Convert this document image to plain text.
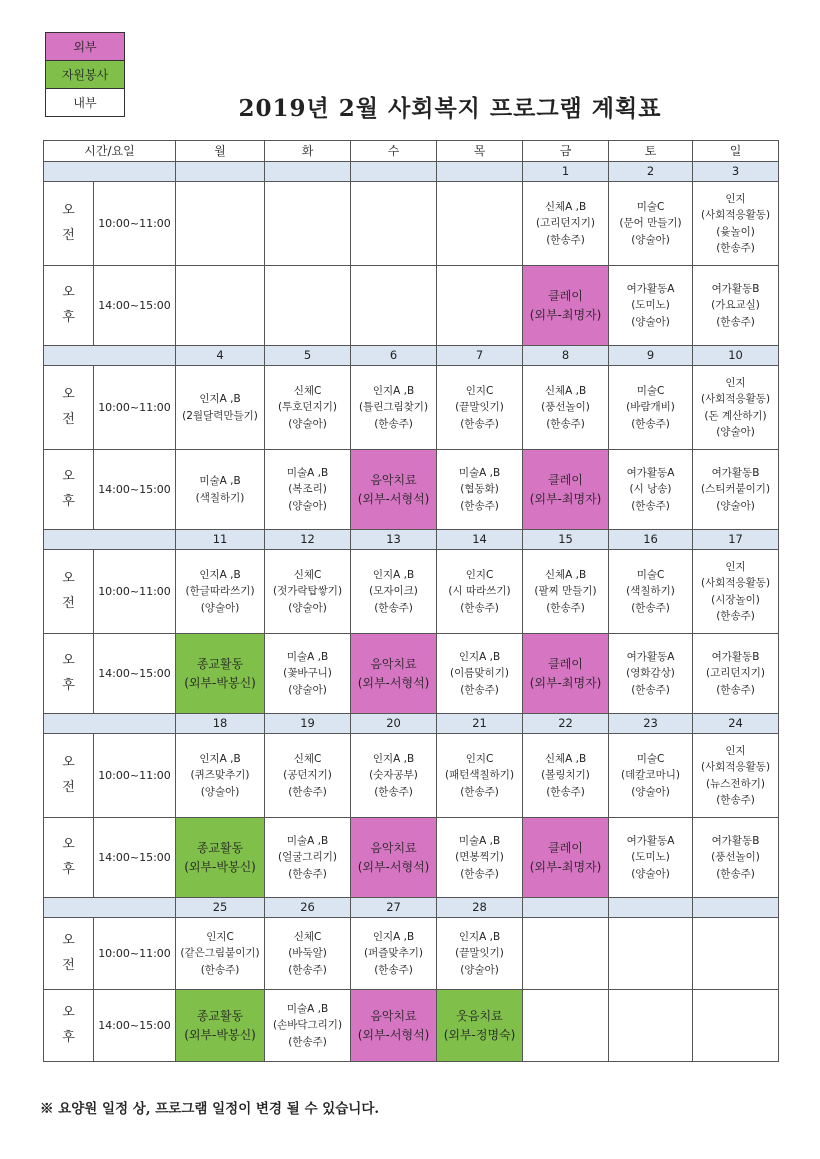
외부
자원봉사
내부	2019년 2월 사회복지 프로그램 계획표
시간/요일		월	화	수	목	금	토	일
						1	2	3

오
전	10:00~11:00					신체A ,B
(고리던지기)
(한송주)	미술C
(문어 만들기)
(양술아)	인지
(사회적응활동)
(윷놀이)
(한송주)

오
후	14:00~15:00					클레이
(외부-최명자)	여가활동A
(도미노)
(양술아)	여가활동B
(가요교실)
(한송주)

		4	5	6	7	8	9	10

오
전	10:00~11:00	인지A ,B
(2월달력만들기)	신체C
(투호던지기)
(양술아)	인지A ,B
(틀린그림찾기)
(한송주)	인지C
(끝말잇기)
(한송주)	신체A ,B
(풍선놀이)
(한송주)	미술C
(바람개비)
(한송주)	인지
(사회적응활동)
(돈 계산하기)
(양술아)

오
후	14:00~15:00	미술A ,B
(색칠하기)	미술A ,B
(복조리)
(양술아)	음악치료
(외부-서형석)	미술A ,B
(협동화)
(한송주)	클레이
(외부-최명자)	여가활동A
(시 낭송)
(한송주)	여가활동B
(스티커붙이기)
(양술아)

		11	12	13	14	15	16	17

오
전	10:00~11:00	인지A ,B
(한글따라쓰기)
(양술아)	신체C
(젓가락탑쌓기)
(양술아)	인지A ,B
(모자이크)
(한송주)	인지C
(시 따라쓰기)
(한송주)	신체A ,B
(팔찌 만들기)
(한송주)	미술C
(색칠하기)
(한송주)	인지
(사회적응활동)
(시장놀이)
(한송주)

오
후	14:00~15:00	종교활동
(외부-박봉신)	미술A ,B
(꽃바구니)
(양술아)	음악치료
(외부-서형석)	인지A ,B
(이름맞히기)
(한송주)	클레이
(외부-최명자)	여가활동A
(영화감상)
(한송주)	여가활동B
(고리던지기)
(한송주)

		18	19	20	21	22	23	24

오
전	10:00~11:00	인지A ,B
(퀴즈맞추기)
(양술아)	신체C
(공던지기)
(한송주)	인지A ,B
(숫자공부)
(한송주)	인지C
(패턴색칠하기)
(한송주)	신체A ,B
(볼링치기)
(한송주)	미술C
(데칼코마니)
(양술아)	인지
(사회적응활동)
(뉴스전하기)
(한송주)

오
후	14:00~15:00	종교활동
(외부-박봉신)	미술A ,B
(얼굴그리기)
(한송주)	음악치료
(외부-서형석)	미술A ,B
(면봉찍기)
(한송주)	클레이
(외부-최명자)	여가활동A
(도미노)
(양술아)	여가활동B
(풍선놀이)
(한송주)

		25	26	27	28			

오
전	10:00~11:00	인지C
(같은그림붙이기)
(한송주)	신체C
(바둑알)
(한송주)	인지A ,B
(퍼즐맞추기)
(한송주)	인지A ,B
(끝말잇기)
(양술아)			

오
후	14:00~15:00	종교활동
(외부-박봉신)	미술A ,B
(손바닥그리기)
(한송주)	음악치료
(외부-서형석)	웃음치료
(외부-정명숙)			

※ 요양원 일정 상, 프로그램 일정이 변경 될 수 있습니다.
